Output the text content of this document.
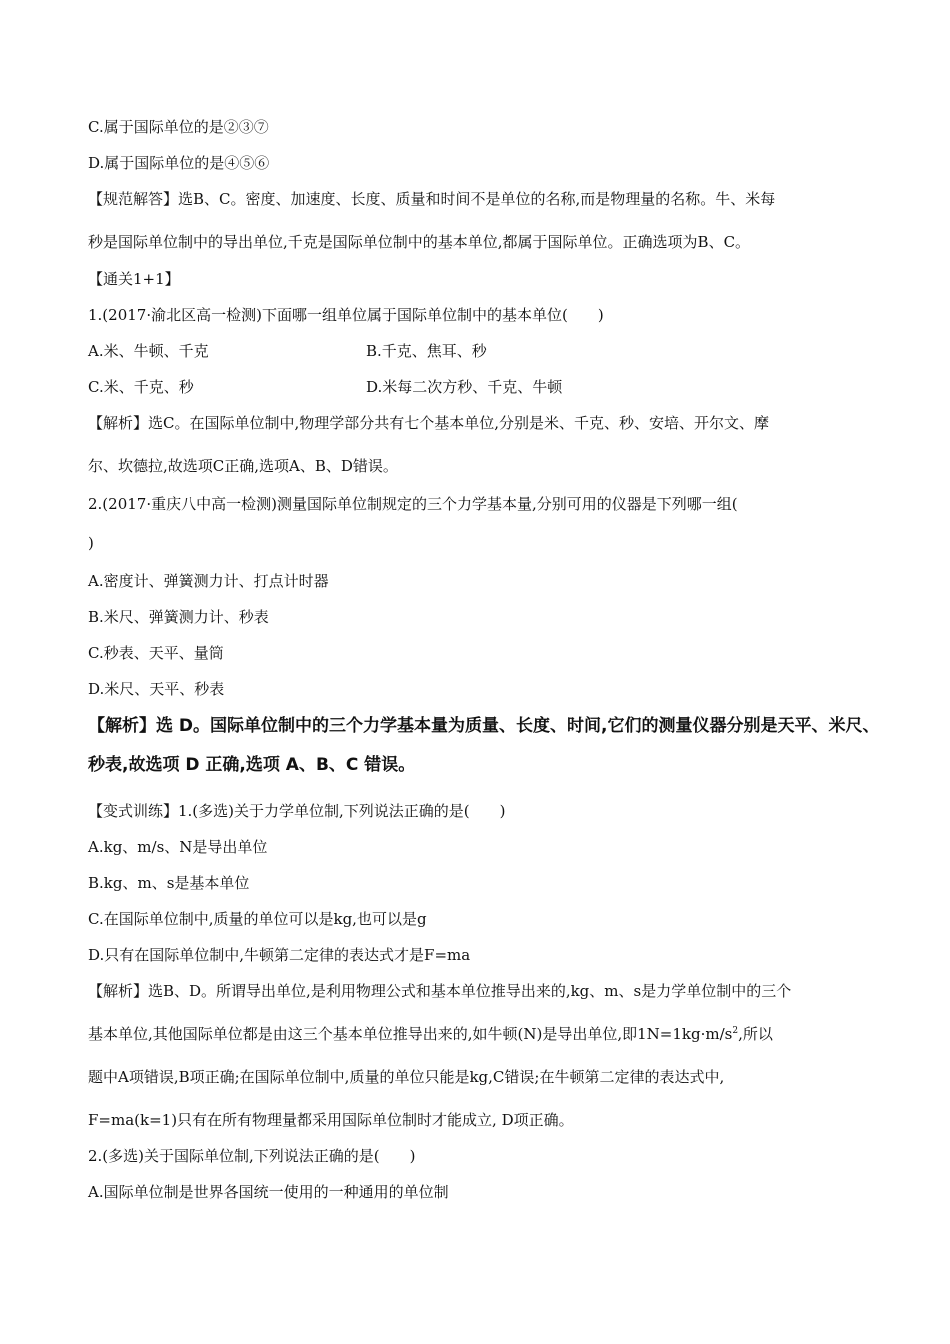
C.属于国际单位的是②③⑦
D.属于国际单位的是④⑤⑥
【规范解答】选B、C。密度、加速度、长度、质量和时间不是单位的名称,而是物理量的名称。牛、米每
秒是国际单位制中的导出单位,千克是国际单位制中的基本单位,都属于国际单位。正确选项为B、C。
【通关1+1】
1.(2017·渝北区高一检测)下面哪一组单位属于国际单位制中的基本单位(　　)
A.米、牛顿、千克	B.千克、焦耳、秒
C.米、千克、秒	D.米每二次方秒、千克、牛顿
【解析】选C。在国际单位制中,物理学部分共有七个基本单位,分别是米、千克、秒、安培、开尔文、摩
尔、坎德拉,故选项C正确,选项A、B、D错误。
2.(2017·重庆八中高一检测)测量国际单位制规定的三个力学基本量,分别可用的仪器是下列哪一组(
)
A.密度计、弹簧测力计、打点计时器
B.米尺、弹簧测力计、秒表
C.秒表、天平、量筒
D.米尺、天平、秒表
【解析】选 D。国际单位制中的三个力学基本量为质量、长度、时间,它们的测量仪器分别是天平、米尺、
秒表,故选项 D 正确,选项 A、B、C 错误。
【变式训练】1.(多选)关于力学单位制,下列说法正确的是(　　)
A.kg、m/s、N是导出单位
B.kg、m、s是基本单位
C.在国际单位制中,质量的单位可以是kg,也可以是g
D.只有在国际单位制中,牛顿第二定律的表达式才是F=ma
【解析】选B、D。所谓导出单位,是利用物理公式和基本单位推导出来的,kg、m、s是力学单位制中的三个
基本单位,其他国际单位都是由这三个基本单位推导出来的,如牛顿(N)是导出单位,即$1N=1kg\cdot m/s^2$,所以
题中A项错误,B项正确;在国际单位制中,质量的单位只能是kg,C错误;在牛顿第二定律的表达式中,
F=ma(k=1)只有在所有物理量都采用国际单位制时才能成立, D项正确。
2.(多选)关于国际单位制,下列说法正确的是(　　)
A.国际单位制是世界各国统一使用的一种通用的单位制
